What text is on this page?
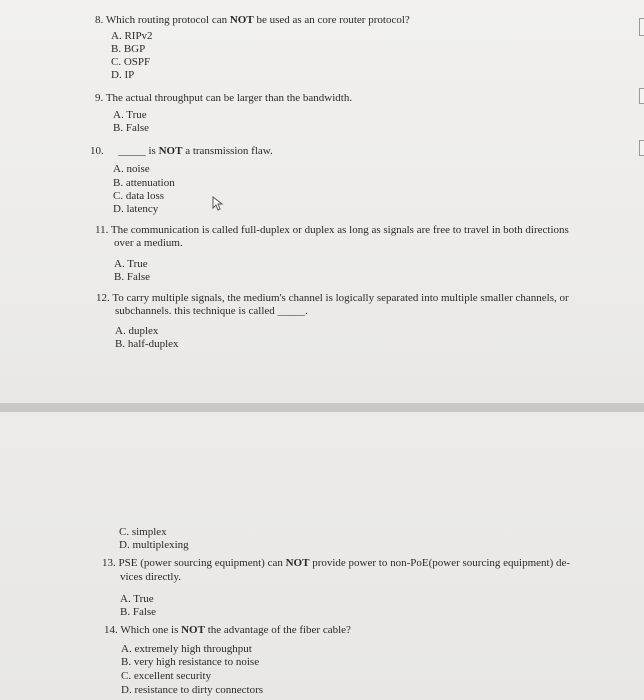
8. Which routing protocol can NOT be used as an core router protocol?
A. RIPv2
B. BGP
C. OSPF
D. IP
9. The actual throughput can be larger than the bandwidth.
A. True
B. False
10. _____ is NOT a transmission flaw.
A. noise
B. attenuation
C. data loss
D. latency
11. The communication is called full-duplex or duplex as long as signals are free to travel in both directions
over a medium.
A. True
B. False
12. To carry multiple signals, the medium's channel is logically separated into multiple smaller channels, or
subchannels. this technique is called _____.
A. duplex
B. half-duplex
C. simplex
D. multiplexing
13. PSE (power sourcing equipment) can NOT provide power to non-PoE(power sourcing equipment) de-
vices directly.
A. True
B. False
14. Which one is NOT the advantage of the fiber cable?
A. extremely high throughput
B. very high resistance to noise
C. excellent security
D. resistance to dirty connectors
